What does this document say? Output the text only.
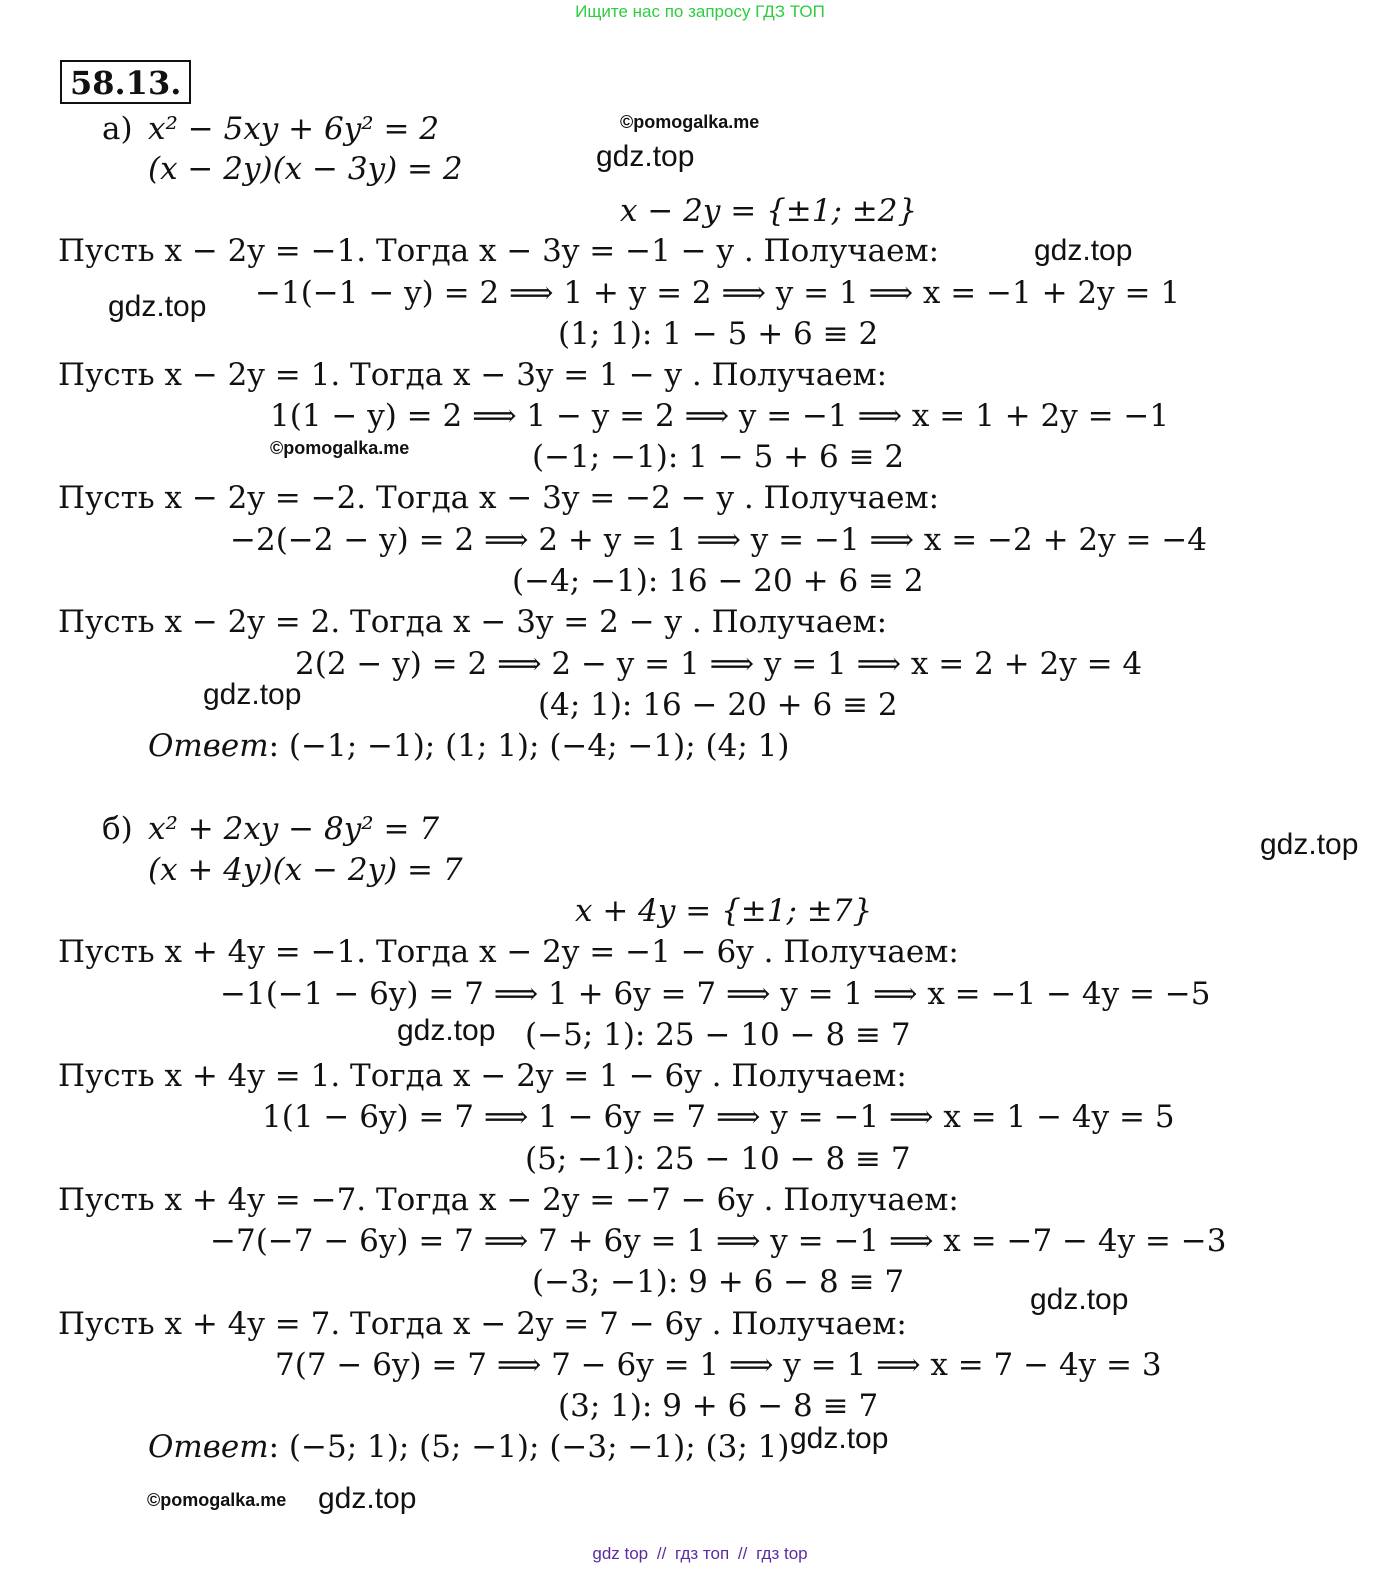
Ищите нас по запросу ГДЗ ТОП
58.13.
а) x² − 5xy + 6y² = 2
(x − 2y)(x − 3y) = 2
x − 2y = {±1; ±2}
Пусть x − 2y = −1. Тогда x − 3y = −1 − y . Получаем:
−1(−1 − y) = 2 ⟹ 1 + y = 2 ⟹ y = 1 ⟹ x = −1 + 2y = 1
(1; 1): 1 − 5 + 6 ≡ 2
Пусть x − 2y = 1. Тогда x − 3y = 1 − y . Получаем:
1(1 − y) = 2 ⟹ 1 − y = 2 ⟹ y = −1 ⟹ x = 1 + 2y = −1
(−1; −1): 1 − 5 + 6 ≡ 2
Пусть x − 2y = −2. Тогда x − 3y = −2 − y . Получаем:
−2(−2 − y) = 2 ⟹ 2 + y = 1 ⟹ y = −1 ⟹ x = −2 + 2y = −4
(−4; −1): 16 − 20 + 6 ≡ 2
Пусть x − 2y = 2. Тогда x − 3y = 2 − y . Получаем:
2(2 − y) = 2 ⟹ 2 − y = 1 ⟹ y = 1 ⟹ x = 2 + 2y = 4
(4; 1): 16 − 20 + 6 ≡ 2
Ответ: (−1; −1); (1; 1); (−4; −1); (4; 1)
б) x² + 2xy − 8y² = 7
(x + 4y)(x − 2y) = 7
x + 4y = {±1; ±7}
Пусть x + 4y = −1. Тогда x − 2y = −1 − 6y . Получаем:
−1(−1 − 6y) = 7 ⟹ 1 + 6y = 7 ⟹ y = 1 ⟹ x = −1 − 4y = −5
(−5; 1): 25 − 10 − 8 ≡ 7
Пусть x + 4y = 1. Тогда x − 2y = 1 − 6y . Получаем:
1(1 − 6y) = 7 ⟹ 1 − 6y = 7 ⟹ y = −1 ⟹ x = 1 − 4y = 5
(5; −1): 25 − 10 − 8 ≡ 7
Пусть x + 4y = −7. Тогда x − 2y = −7 − 6y . Получаем:
−7(−7 − 6y) = 7 ⟹ 7 + 6y = 1 ⟹ y = −1 ⟹ x = −7 − 4y = −3
(−3; −1): 9 + 6 − 8 ≡ 7
Пусть x + 4y = 7. Тогда x − 2y = 7 − 6y . Получаем:
7(7 − 6y) = 7 ⟹ 7 − 6y = 1 ⟹ y = 1 ⟹ x = 7 − 4y = 3
(3; 1): 9 + 6 − 8 ≡ 7
Ответ: (−5; 1); (5; −1); (−3; −1); (3; 1)
©pomogalka.me
gdz.top
gdz.top
gdz.top
©pomogalka.me
gdz.top
gdz.top
gdz.top
gdz.top
gdz.top
©pomogalka.me gdz.top
gdz top // гдз топ // гдз top
